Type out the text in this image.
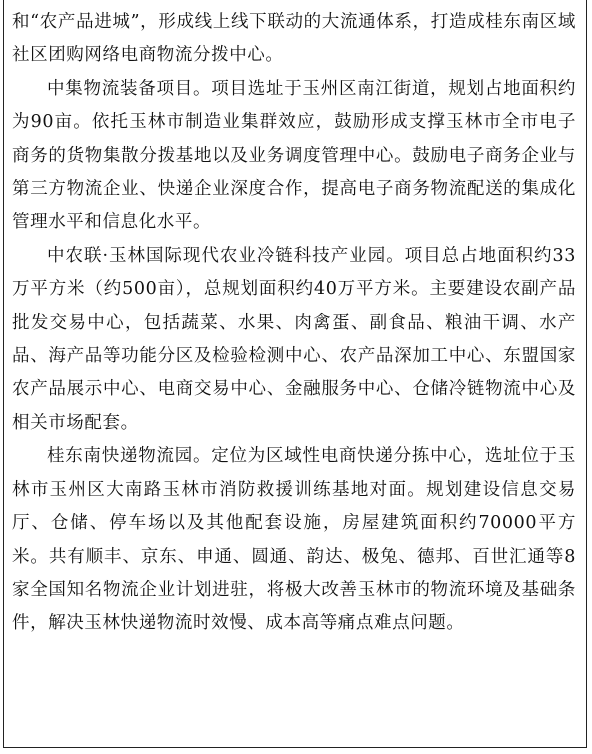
和“农产品进城”，形成线上线下联动的大流通体系，打造成桂东南区域社区团购网络电商物流分拨中心。

中集物流装备项目。项目选址于玉州区南江街道，规划占地面积约为90亩。依托玉林市制造业集群效应，鼓励形成支撑玉林市全市电子商务的货物集散分拨基地以及业务调度管理中心。鼓励电子商务企业与第三方物流企业、快递企业深度合作，提高电子商务物流配送的集成化管理水平和信息化水平。

中农联·玉林国际现代农业冷链科技产业园。项目总占地面积约33万平方米（约500亩），总规划面积约40万平方米。主要建设农副产品批发交易中心，包括蔬菜、水果、肉禽蛋、副食品、粮油干调、水产品、海产品等功能分区及检验检测中心、农产品深加工中心、东盟国家农产品展示中心、电商交易中心、金融服务中心、仓储冷链物流中心及相关市场配套。

桂东南快递物流园。定位为区域性电商快递分拣中心，选址位于玉林市玉州区大南路玉林市消防救援训练基地对面。规划建设信息交易厅、仓储、停车场以及其他配套设施，房屋建筑面积约70000平方米。共有顺丰、京东、申通、圆通、韵达、极兔、德邦、百世汇通等8家全国知名物流企业计划进驻，将极大改善玉林市的物流环境及基础条件，解决玉林快递物流时效慢、成本高等痛点难点问题。
